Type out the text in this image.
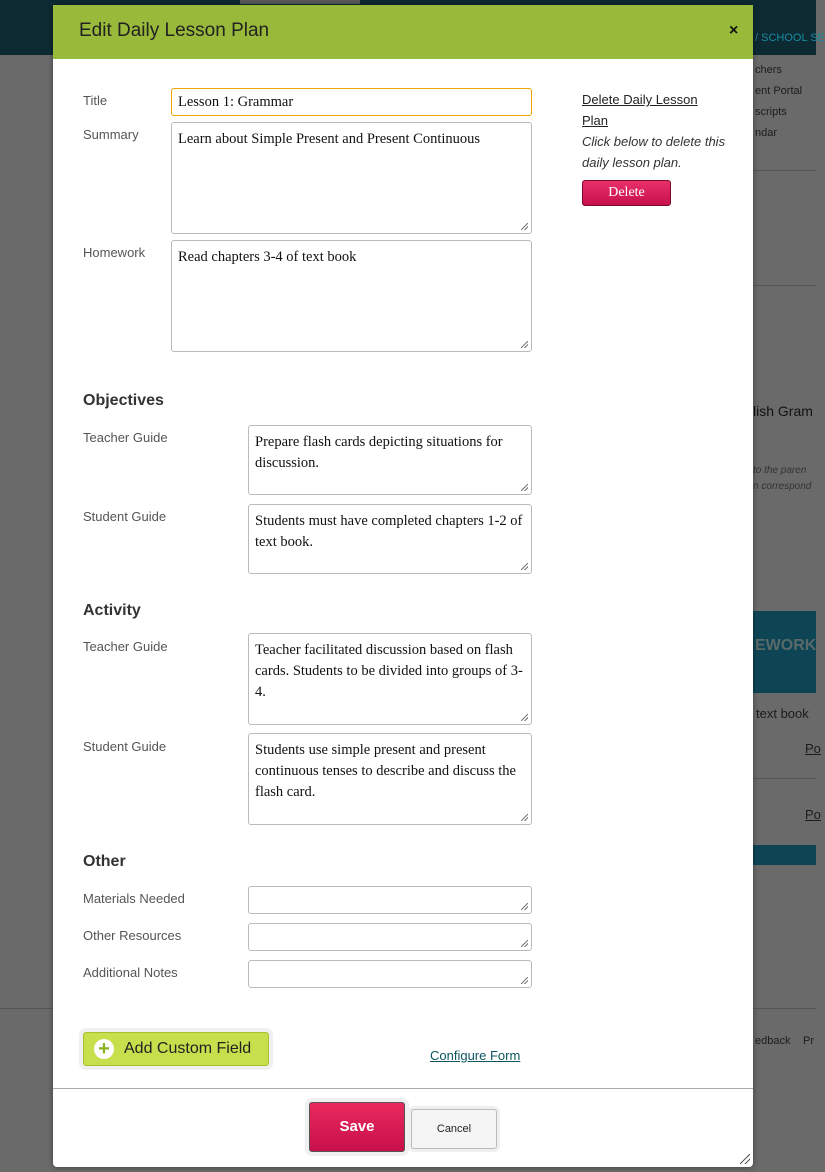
/ SCHOOL SE
chers
ent Portal
scripts
ndar
lish Gram
to the paren
n correspond
EWORK
text book
Po
Po
edback Pr
Edit Daily Lesson Plan	×
Title	Lesson 1: Grammar
Summary	Learn about Simple Present and Present Continuous
Homework	Read chapters 3-4 of text book
Objectives
Teacher Guide	Prepare flash cards depicting situations for discussion.
Student Guide	Students must have completed chapters 1-2 of text book.
Activity
Teacher Guide	Teacher facilitated discussion based on flash cards. Students to be divided into groups of 3-4.
Student Guide	Students use simple present and present continuous tenses to describe and discuss the flash card.
Other
Materials Needed
Other Resources
Additional Notes
Delete Daily Lesson Plan
Click below to delete this daily lesson plan.
Delete
+ Add Custom Field	Configure Form
Save	Cancel
